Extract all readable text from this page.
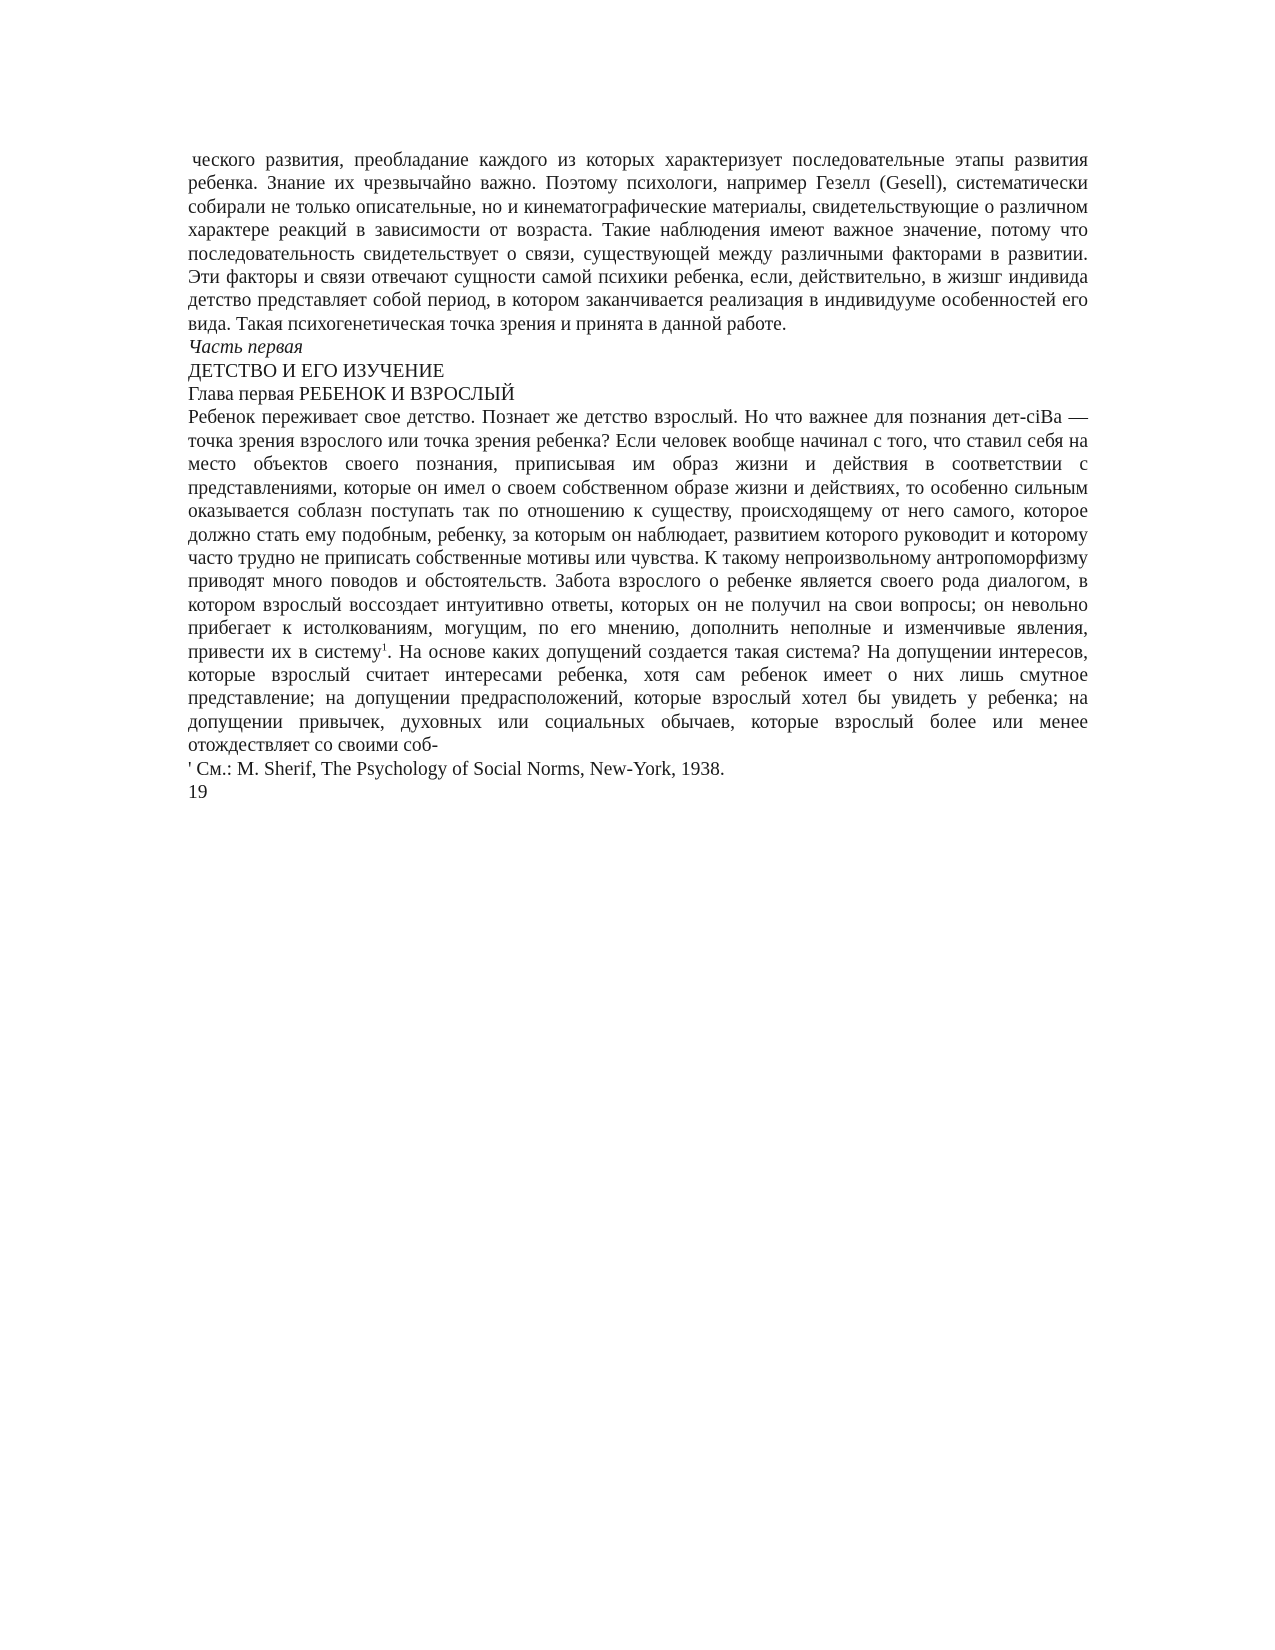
ческого развития, преобладание каждого из которых характеризует последовательные этапы развития ребенка. Знание их чрезвычайно важно. Поэтому психологи, например Гезелл (Gesell), систематически собирали не только описательные, но и кинематографические материалы, свидетельствующие о различном характере реакций в зависимости от возраста. Такие наблюдения имеют важное значение, потому что последовательность свидетельствует о связи, существующей между различными факторами в развитии. Эти факторы и связи отвечают сущности самой психики ребенка, если, действительно, в жизшг индивида детство представляет собой период, в котором заканчивается реализация в индивидууме особенностей его вида. Такая психогенетическая точка зрения и принята в данной работе.

Часть первая

ДЕТСТВО И ЕГО ИЗУЧЕНИЕ

Глава первая РЕБЕНОК И ВЗРОСЛЫЙ

Ребенок переживает свое детство. Познает же детство взрослый. Но что важнее для познания дет-ciBa — точка зрения взрослого или точка зрения ребенка? Если человек вообще начинал с того, что ставил себя на место объектов своего познания, приписывая им образ жизни и действия в соответствии с представлениями, которые он имел о своем собственном образе жизни и действиях, то особенно сильным оказывается соблазн поступать так по отношению к существу, происходящему от него самого, которое должно стать ему подобным, ребенку, за которым он наблюдает, развитием которого руководит и которому часто трудно не приписать собственные мотивы или чувства. К такому непроизвольному антропоморфизму приводят много поводов и обстоятельств. Забота взрослого о ребенке является своего рода диалогом, в котором взрослый воссоздает интуитивно ответы, которых он не получил на свои вопросы; он невольно прибегает к истолкованиям, могущим, по его мнению, дополнить неполные и изменчивые явления, привести их в систему$^1$. На основе каких допущений создается такая система? На допущении интересов, которые взрослый считает интересами ребенка, хотя сам ребенок имеет о них лишь смутное представление; на допущении предрасположений, которые взрослый хотел бы увидеть у ребенка; на допущении привычек, духовных или социальных обычаев, которые взрослый более или менее отождествляет со своими соб-

' См.: M. Sherif, The Psychology of Social Norms, New-York, 1938.

19
